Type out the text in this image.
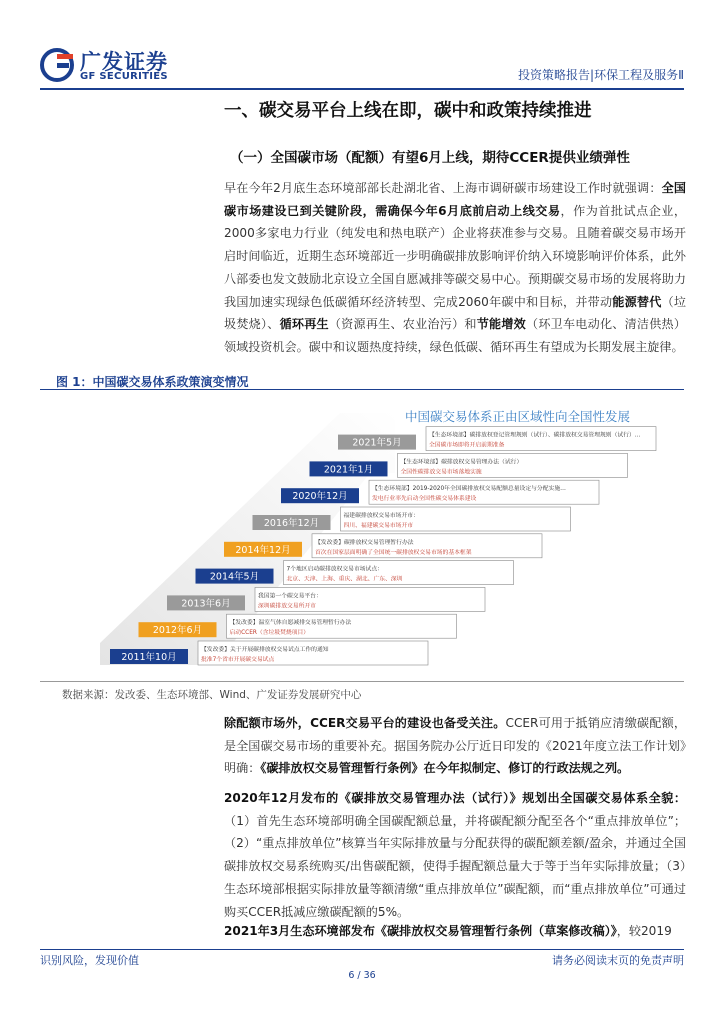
广发证券
GF SECURITIES	投资策略报告|环保工程及服务Ⅱ
一、碳交易平台上线在即，碳中和政策持续推进
（一）全国碳市场（配额）有望6月上线，期待CCER提供业绩弹性
早在今年2月底生态环境部部长赴湖北省、上海市调研碳市场建设工作时就强调：全国碳市场建设已到关键阶段，需确保今年6月底前启动上线交易，作为首批试点企业，2000多家电力行业（纯发电和热电联产）企业将获准参与交易。且随着碳交易市场开启时间临近，近期生态环境部近一步明确碳排放影响评价纳入环境影响评价体系，此外八部委也发文鼓励北京设立全国自愿减排等碳交易中心。预期碳交易市场的发展将助力我国加速实现绿色低碳循环经济转型、完成2060年碳中和目标，并带动能源替代（垃圾焚烧）、循环再生（资源再生、农业治污）和节能增效（环卫车电动化、清洁供热）领域投资机会。碳中和议题热度持续，绿色低碳、循环再生有望成为长期发展主旋律。
图 1：中国碳交易体系政策演变情况
中国碳交易体系正由区域性向全国性发展
2011年10月
【发改委】关于开展碳排放权交易试点工作的通知
批准7个省市开展碳交易试点
2012年6月
【发改委】温室气体自愿减排交易管理暂行办法
启动CCER（含垃圾焚烧项目）
2013年6月
我国第一个碳交易平台：
深圳碳排放交易所开市
2014年5月
7个地区启动碳排放权交易市场试点：
北京、天津、上海、重庆、湖北、广东、深圳
2014年12月
【发改委】碳排放权交易管理暂行办法
首次在国家层面明确了全国统一碳排放权交易市场的基本框架
2016年12月
福建碳排放权交易市场开市：
四川、福建碳交易市场开市
2020年12月
【生态环境部】2019-2020年全国碳排放权交易配额总量设定与分配实施…
发电行业率先启动全国性碳交易体系建设
2021年1月
【生态环境部】碳排放权交易管理办法（试行）
全国性碳排放交易市场落地实施
2021年5月
【生态环境部】碳排放权登记管理规则（试行）、碳排放权交易管理规则（试行）…
全国碳市场即将开启前期准备
数据来源：发改委、生态环境部、Wind、广发证券发展研究中心
除配额市场外，CCER交易平台的建设也备受关注。CCER可用于抵销应清缴碳配额，是全国碳交易市场的重要补充。据国务院办公厅近日印发的《2021年度立法工作计划》明确：《碳排放权交易管理暂行条例》在今年拟制定、修订的行政法规之列。
2020年12月发布的《碳排放交易管理办法（试行）》规划出全国碳交易体系全貌：（1）首先生态环境部明确全国碳配额总量，并将碳配额分配至各个“重点排放单位”；（2）“重点排放单位”核算当年实际排放量与分配获得的碳配额差额/盈余，并通过全国碳排放权交易系统购买/出售碳配额，使得手握配额总量大于等于当年实际排放量；（3）生态环境部根据实际排放量等额清缴“重点排放单位”碳配额，而“重点排放单位”可通过购买CCER抵减应缴碳配额的5%。
2021年3月生态环境部发布《碳排放权交易管理暂行条例（草案修改稿）》，较2019
识别风险，发现价值	请务必阅读末页的免责声明
6 / 36
